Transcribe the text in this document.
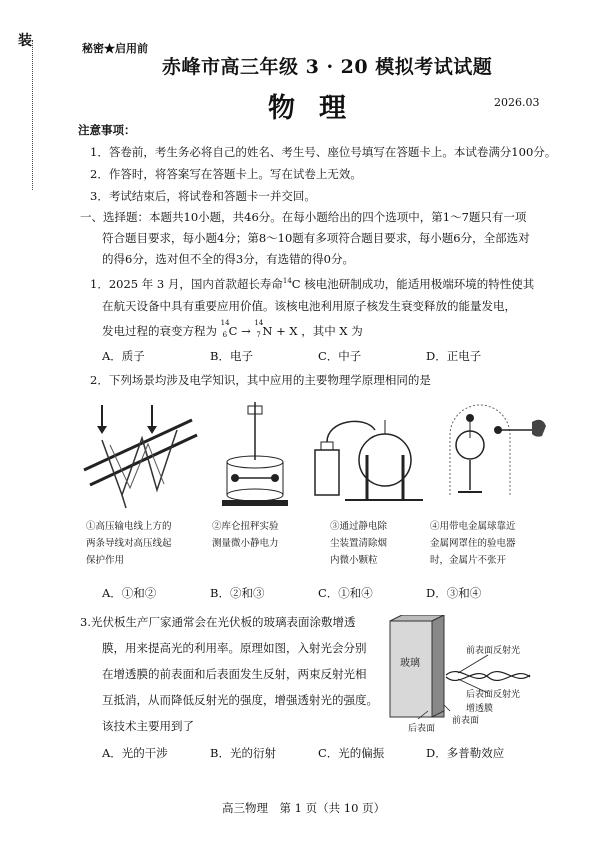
装	秘密★启用前
赤峰市高三年级 3 · 20 模拟考试试题
物理	2026.03
注意事项：
1．答卷前，考生务必将自己的姓名、考生号、座位号填写在答题卡上。本试卷满分100分。
2．作答时，将答案写在答题卡上。写在试卷上无效。
3．考试结束后，将试卷和答题卡一并交回。
一、选择题：本题共10小题，共46分。在每小题给出的四个选项中，第1～7题只有一项
符合题目要求，每小题4分；第8～10题有多项符合题目要求，每小题6分，全部选对
的得6分，选对但不全的得3分，有选错的得0分。
1．2025 年 3 月，国内首款超长寿命$^{14}$C 核电池研制成功，能适用极端环境的特性使其
在航天设备中具有重要应用价值。该核电池利用原子核发生衰变释放的能量发电，
发电过程的衰变方程为
14
6 C →
14
7 N + X ，其中 X 为
A．质子	B．电子	C．中子	D．正电子
2．下列场景均涉及电学知识，其中应用的主要物理学原理相同的是
①高压输电线上方的
两条导线对高压线起
保护作用
②库仑扭秤实验
测量微小静电力
③通过静电除
尘装置清除烟
内微小颗粒
④用带电金属球靠近
金属网罩住的验电器
时，金属片不张开
A．①和②	B．②和③	C．①和④	D．③和④
3.光伏板生产厂家通常会在光伏板的玻璃表面涂敷增透
膜，用来提高光的利用率。原理如图，入射光会分别
在增透膜的前表面和后表面发生反射，两束反射光相
互抵消，从而降低反射光的强度，增强透射光的强度。
该技术主要用到了
玻璃
前表面反射光
后表面反射光
增透膜
后表面
前表面
A．光的干涉	B．光的衍射	C．光的偏振	D．多普勒效应
高三物理　第 1 页（共 10 页）
